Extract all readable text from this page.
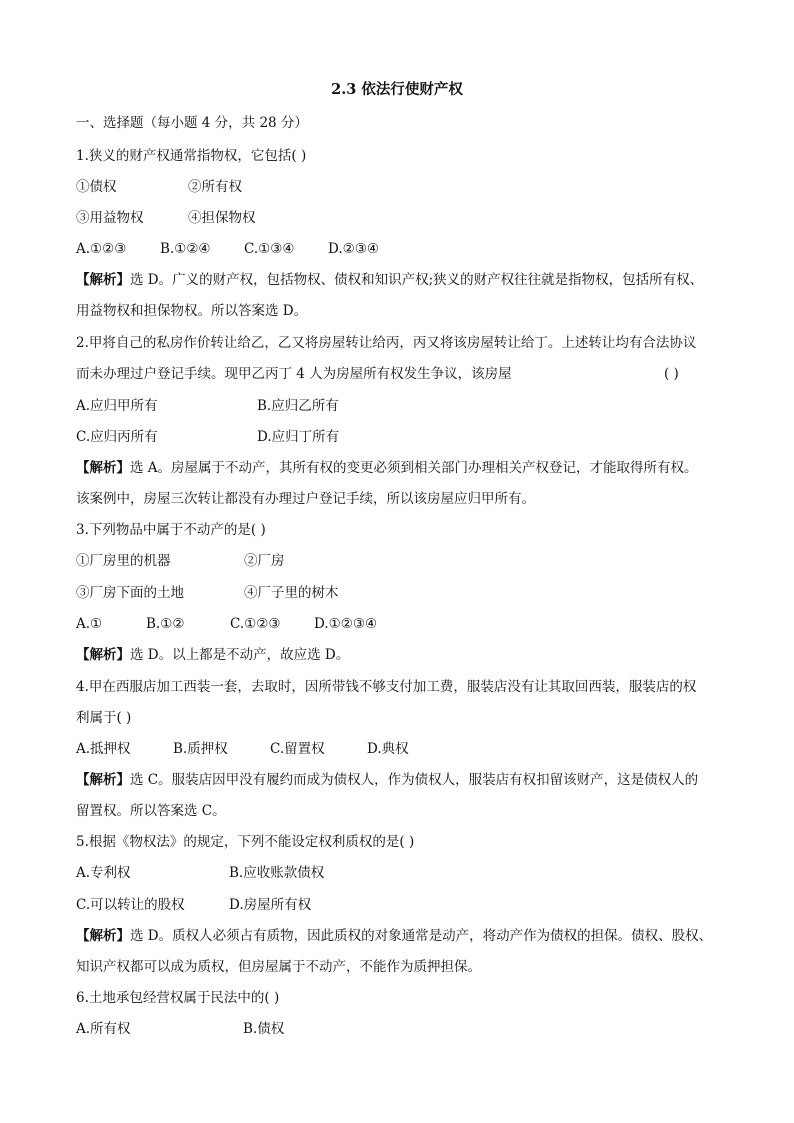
2.3 依法行使财产权
一、选择题（每小题 4 分，共 28 分）
1.狭义的财产权通常指物权，它包括( )
①债权	②所有权
③用益物权	④担保物权
A.①②③ B.①②④ C.①③④ D.②③④
【解析】选 D。广义的财产权，包括物权、债权和知识产权;狭义的财产权往往就是指物权，包括所有权、
用益物权和担保物权。所以答案选 D。
2.甲将自己的私房作价转让给乙，乙又将房屋转让给丙，丙又将该房屋转让给丁。上述转让均有合法协议
而未办理过户登记手续。现甲乙丙丁 4 人为房屋所有权发生争议，该房屋	( )
A.应归甲所有	B.应归乙所有
C.应归丙所有	D.应归丁所有
【解析】选 A。房屋属于不动产，其所有权的变更必须到相关部门办理相关产权登记，才能取得所有权。
该案例中，房屋三次转让都没有办理过户登记手续，所以该房屋应归甲所有。
3.下列物品中属于不动产的是( )
①厂房里的机器	②厂房
③厂房下面的土地	④厂子里的树木
A.①	B.①②	C.①②③ D.①②③④
【解析】选 D。以上都是不动产，故应选 D。
4.甲在西服店加工西装一套，去取时，因所带钱不够支付加工费，服装店没有让其取回西装，服装店的权
利属于( )
A.抵押权	B.质押权	C.留置权	D.典权
【解析】选 C。服装店因甲没有履约而成为债权人，作为债权人，服装店有权扣留该财产，这是债权人的
留置权。所以答案选 C。
5.根据《物权法》的规定，下列不能设定权利质权的是( )
A.专利权	B.应收账款债权
C.可以转让的股权	D.房屋所有权
【解析】选 D。质权人必须占有质物，因此质权的对象通常是动产，将动产作为债权的担保。债权、股权、
知识产权都可以成为质权，但房屋属于不动产，不能作为质押担保。
6.土地承包经营权属于民法中的( )
A.所有权	B.债权
